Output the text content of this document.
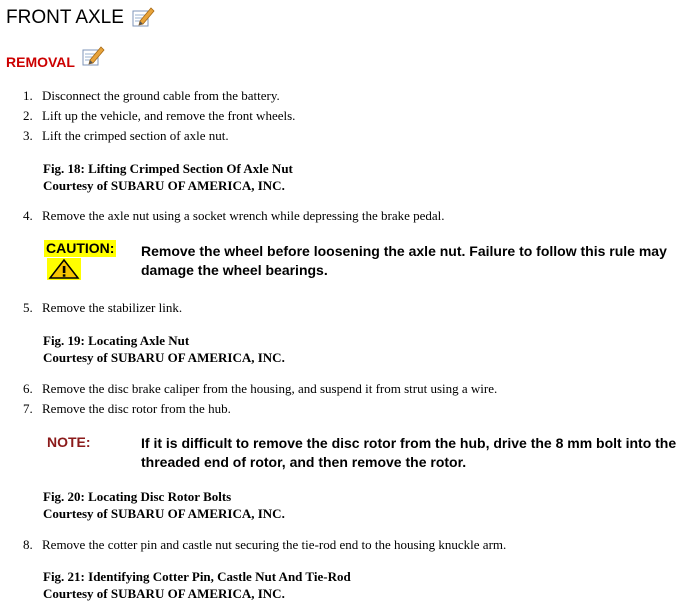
FRONT AXLE
REMOVAL
1. Disconnect the ground cable from the battery.
2. Lift up the vehicle, and remove the front wheels.
3. Lift the crimped section of axle nut.
Fig. 18: Lifting Crimped Section Of Axle Nut
Courtesy of SUBARU OF AMERICA, INC.
4. Remove the axle nut using a socket wrench while depressing the brake pedal.
CAUTION: Remove the wheel before loosening the axle nut. Failure to follow this rule may damage the wheel bearings.
5. Remove the stabilizer link.
Fig. 19: Locating Axle Nut
Courtesy of SUBARU OF AMERICA, INC.
6. Remove the disc brake caliper from the housing, and suspend it from strut using a wire.
7. Remove the disc rotor from the hub.
NOTE:	If it is difficult to remove the disc rotor from the hub, drive the 8 mm bolt into the threaded end of rotor, and then remove the rotor.
Fig. 20: Locating Disc Rotor Bolts
Courtesy of SUBARU OF AMERICA, INC.
8. Remove the cotter pin and castle nut securing the tie-rod end to the housing knuckle arm.
Fig. 21: Identifying Cotter Pin, Castle Nut And Tie-Rod
Courtesy of SUBARU OF AMERICA, INC.
